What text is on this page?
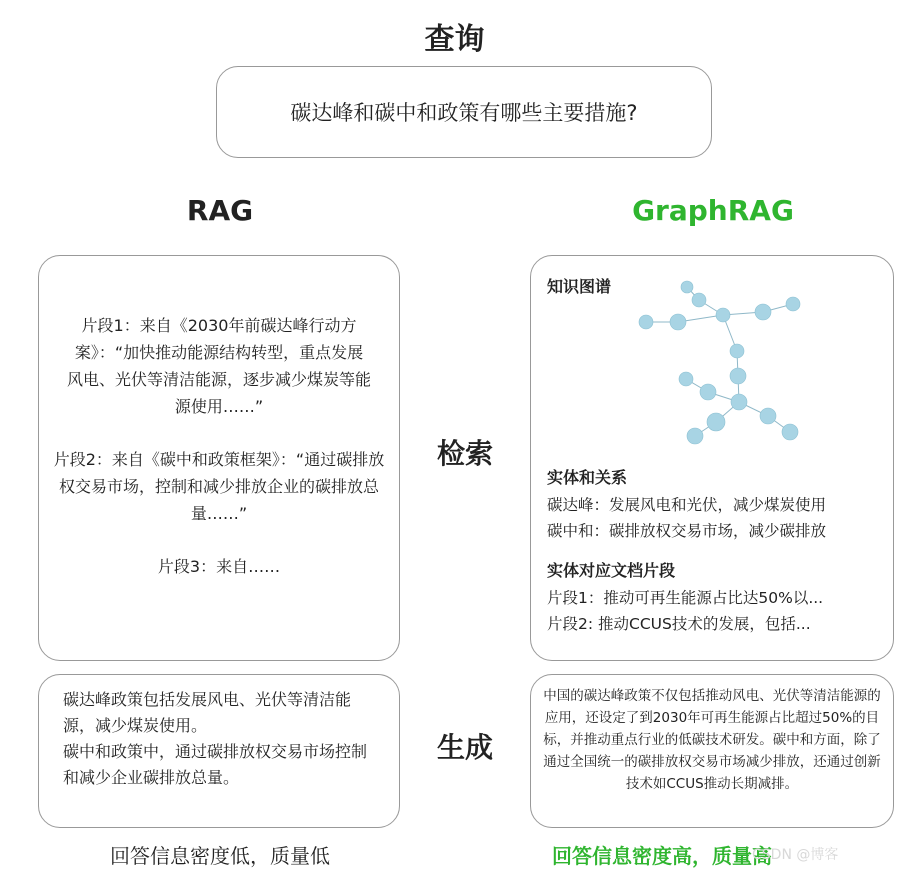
查询
碳达峰和碳中和政策有哪些主要措施?
RAG	GraphRAG
片段1：来自《2030年前碳达峰行动方案》：“加快推动能源结构转型，重点发展风电、光伏等清洁能源，逐步减少煤炭等能源使用……”
片段2：来自《碳中和政策框架》：“通过碳排放权交易市场，控制和减少排放企业的碳排放总量……”
片段3：来自……
知识图谱
实体和关系
碳达峰：发展风电和光伏，减少煤炭使用
碳中和：碳排放权交易市场，减少碳排放
实体对应文档片段
片段1：推动可再生能源占比达50%以...
片段2: 推动CCUS技术的发展，包括...
检索
生成
碳达峰政策包括发展风电、光伏等清洁能源，减少煤炭使用。
碳中和政策中，通过碳排放权交易市场控制和减少企业碳排放总量。
中国的碳达峰政策不仅包括推动风电、光伏等清洁能源的应用，还设定了到2030年可再生能源占比超过50%的目标，并推动重点行业的低碳技术研发。碳中和方面，除了通过全国统一的碳排放权交易市场减少排放，还通过创新技术如CCUS推动长期减排。
回答信息密度低，质量低	回答信息密度高，质量高
CSDN @博客
